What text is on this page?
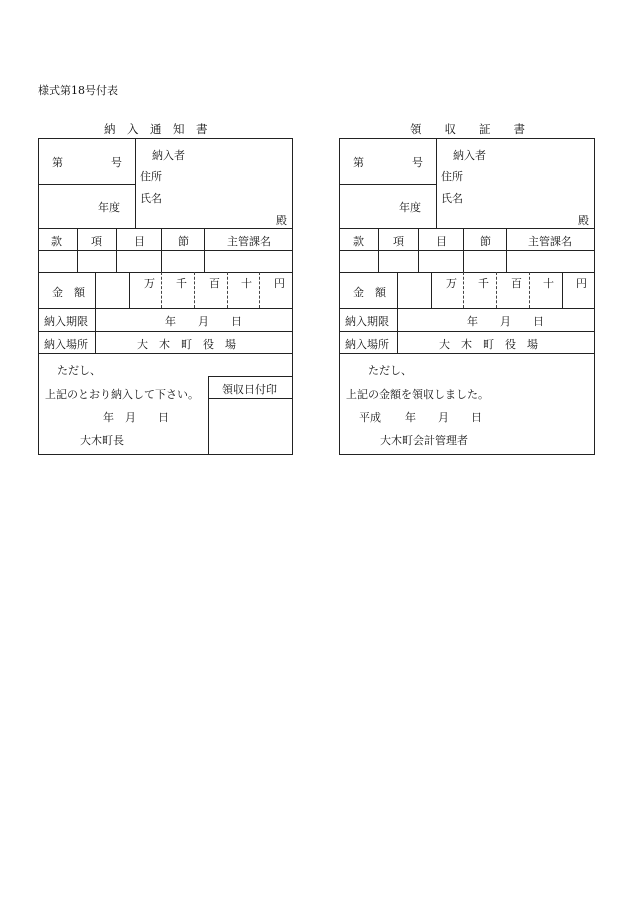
様式第18号付表
納　入　通　知　書
第	号
年度
納入者
住所
氏名
殿
款	項	目	節	主管課名
金　額
万 千 百 十 円
納入期限	年　　月　　日
納入場所	大　木　町　役　場
ただし、
上記のとおり納入して下さい。
年　月　　日
大木町長
領収日付印
領　　収　　証　　書
第	号
年度
納入者
住所
氏名
殿
款	項	目	節	主管課名
金　額
万 千 百 十 円
納入期限	年　　月　　日
納入場所	大　木　町　役　場
ただし、
上記の金額を領収しました。
平成 年　　月　　日
大木町会計管理者
